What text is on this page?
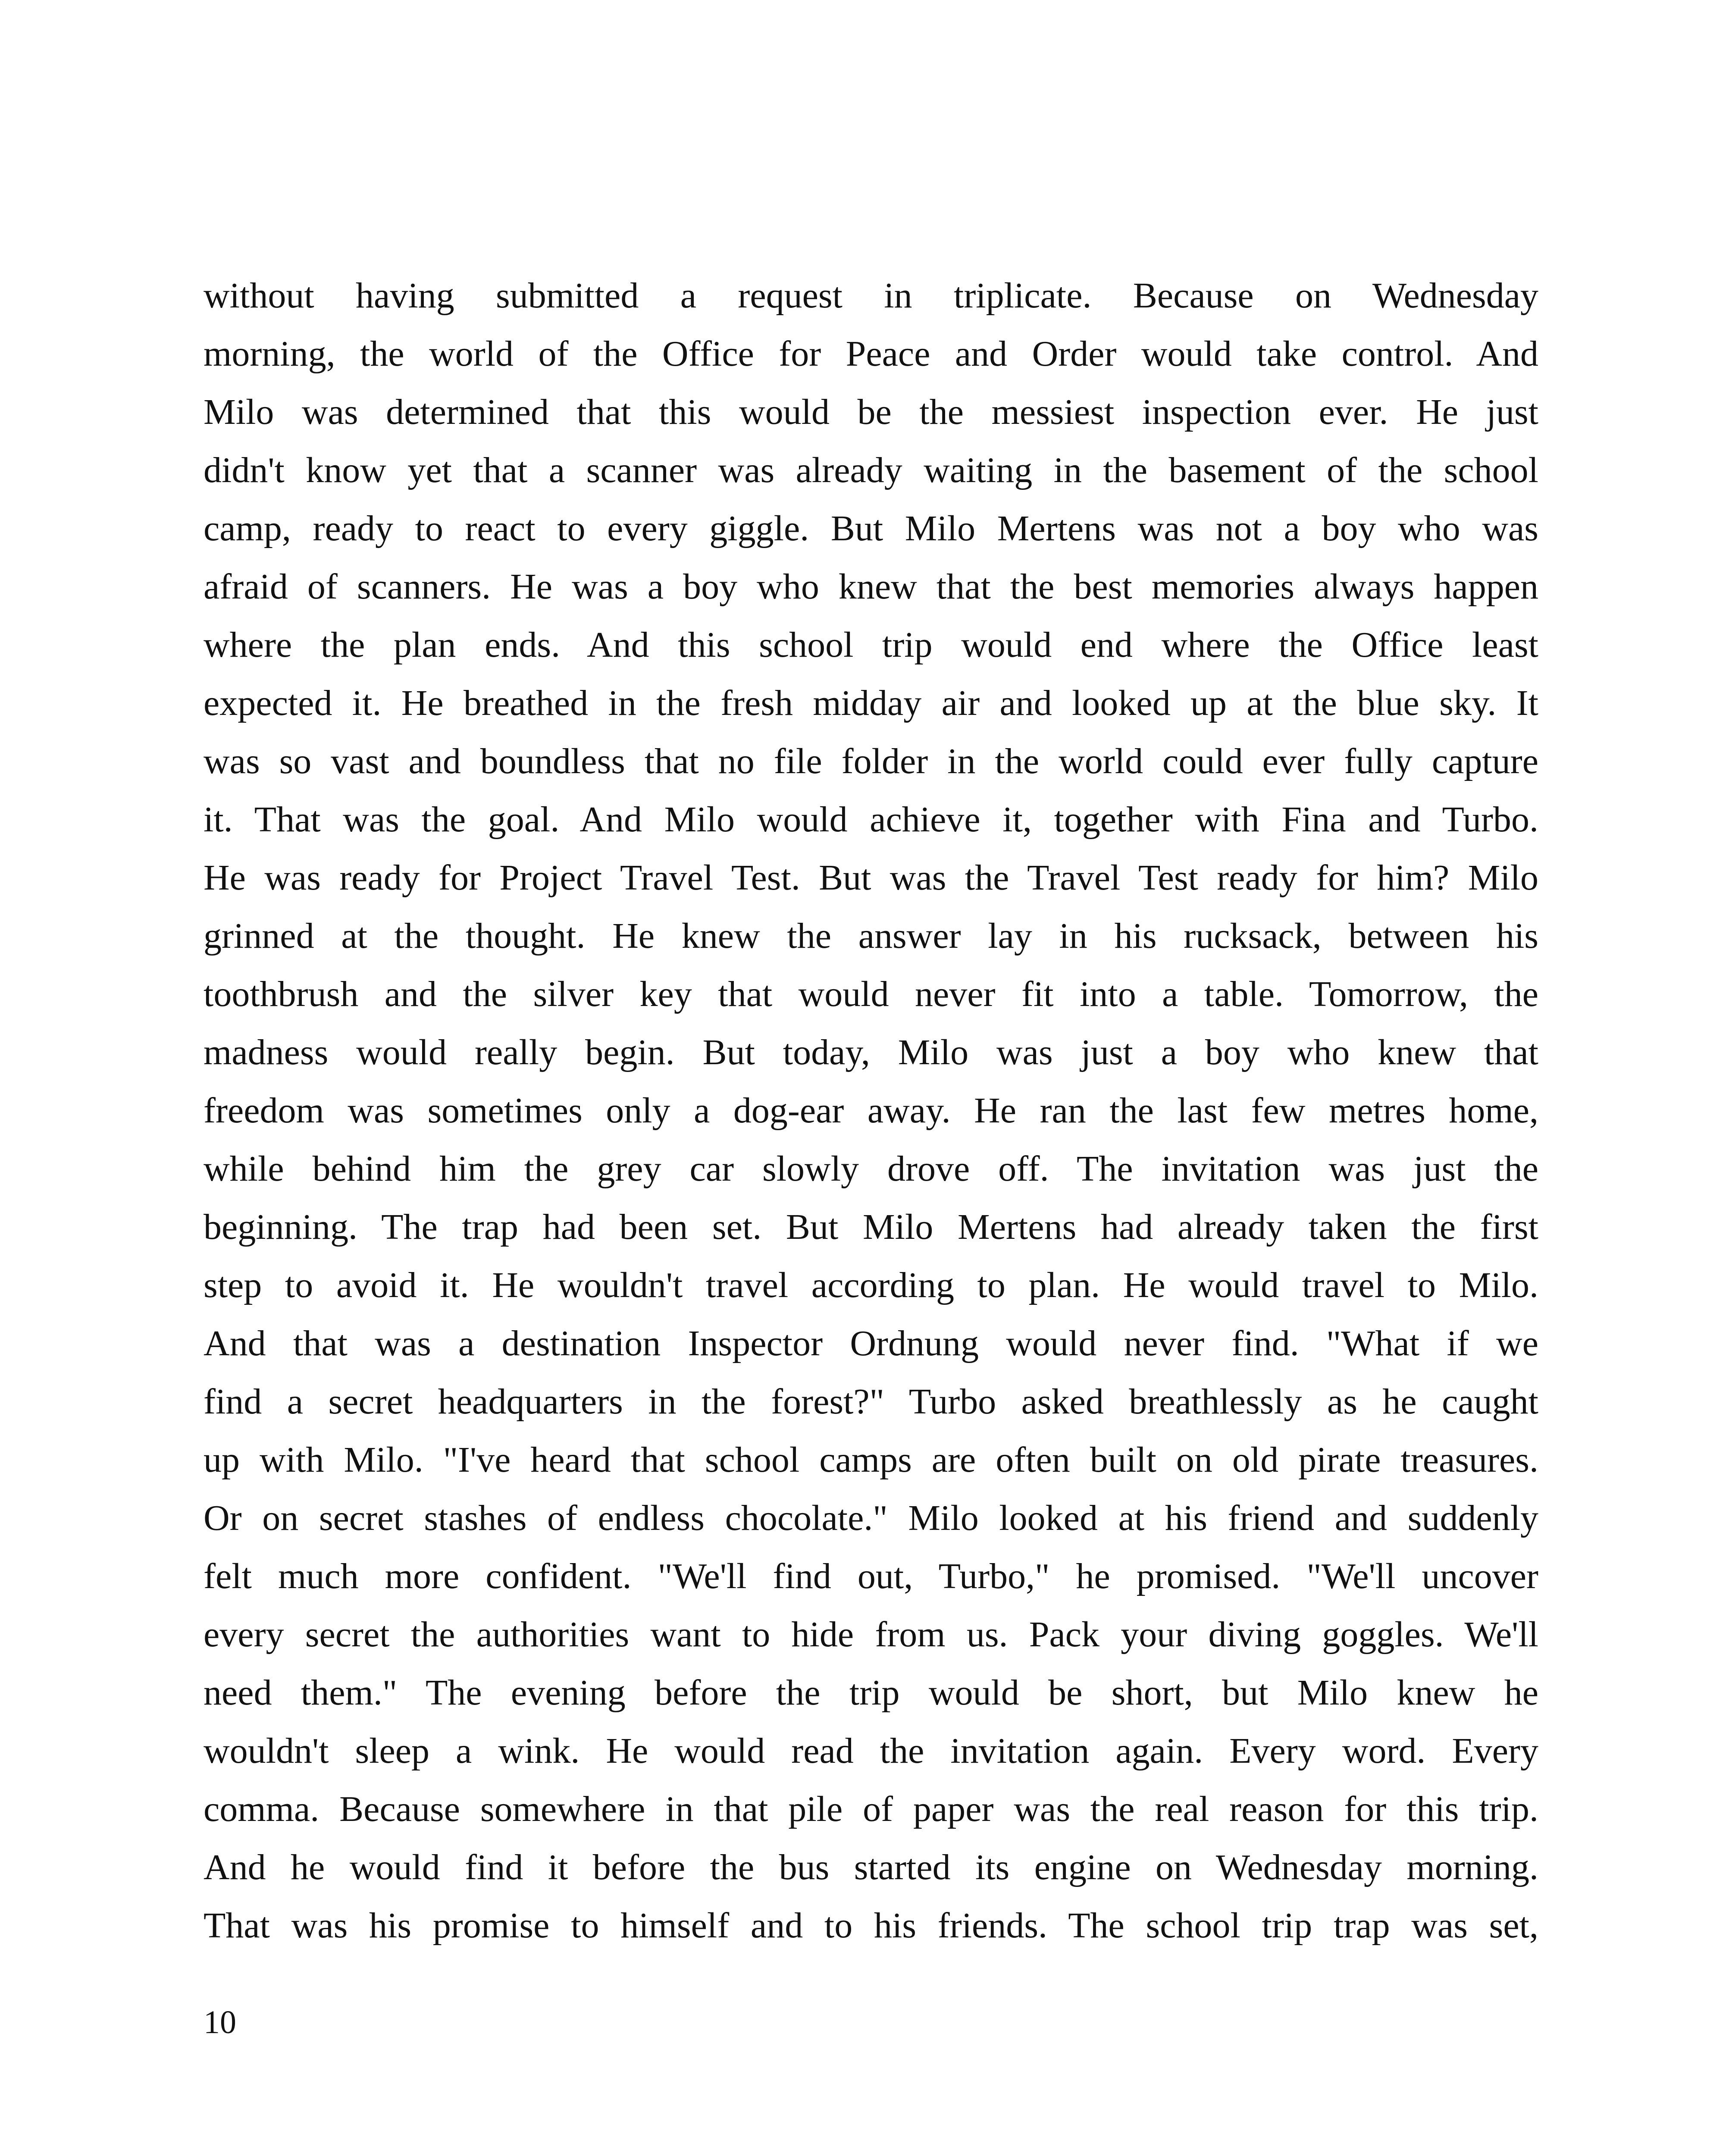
without having submitted a request in triplicate. Because on Wednesday
morning, the world of the Office for Peace and Order would take control. And
Milo was determined that this would be the messiest inspection ever. He just
didn't know yet that a scanner was already waiting in the basement of the school
camp, ready to react to every giggle. But Milo Mertens was not a boy who was
afraid of scanners. He was a boy who knew that the best memories always happen
where the plan ends. And this school trip would end where the Office least
expected it. He breathed in the fresh midday air and looked up at the blue sky. It
was so vast and boundless that no file folder in the world could ever fully capture
it. That was the goal. And Milo would achieve it, together with Fina and Turbo.
He was ready for Project Travel Test. But was the Travel Test ready for him? Milo
grinned at the thought. He knew the answer lay in his rucksack, between his
toothbrush and the silver key that would never fit into a table. Tomorrow, the
madness would really begin. But today, Milo was just a boy who knew that
freedom was sometimes only a dog-ear away. He ran the last few metres home,
while behind him the grey car slowly drove off. The invitation was just the
beginning. The trap had been set. But Milo Mertens had already taken the first
step to avoid it. He wouldn't travel according to plan. He would travel to Milo.
And that was a destination Inspector Ordnung would never find. "What if we
find a secret headquarters in the forest?" Turbo asked breathlessly as he caught
up with Milo. "I've heard that school camps are often built on old pirate treasures.
Or on secret stashes of endless chocolate." Milo looked at his friend and suddenly
felt much more confident. "We'll find out, Turbo," he promised. "We'll uncover
every secret the authorities want to hide from us. Pack your diving goggles. We'll
need them." The evening before the trip would be short, but Milo knew he
wouldn't sleep a wink. He would read the invitation again. Every word. Every
comma. Because somewhere in that pile of paper was the real reason for this trip.
And he would find it before the bus started its engine on Wednesday morning.
That was his promise to himself and to his friends. The school trip trap was set,

10
